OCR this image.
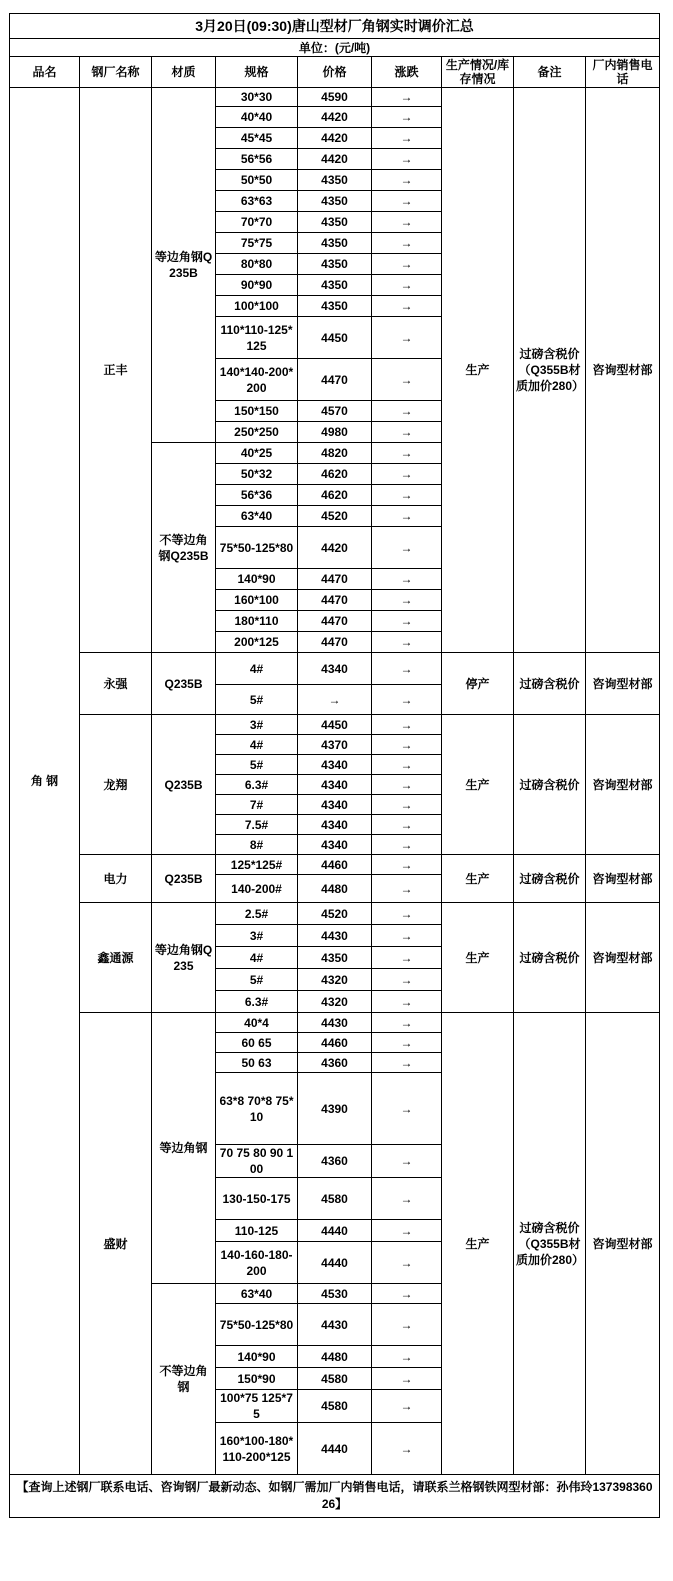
3月20日(09:30)唐山型材厂角钢实时调价汇总								
单位：(元/吨)								
品名	钢厂名称	材质	规格	价格	涨跌	生产情况/库存情况	备注	厂内销售电话
角 钢	正丰	等边角钢Q235B	30*30	4590	→	生产	过磅含税价（Q355B材质加价280）	咨询型材部
			40*40	4420	→			
			45*45	4420	→			
			56*56	4420	→			
			50*50	4350	→			
			63*63	4350	→			
			70*70	4350	→			
			75*75	4350	→			
			80*80	4350	→			
			90*90	4350	→			
			100*100	4350	→			
			110*110-125*125	4450	→			
			140*140-200*200	4470	→			
			150*150	4570	→			
			250*250	4980	→			
		不等边角钢Q235B	40*25	4820	→			
			50*32	4620	→			
			56*36	4620	→			
			63*40	4520	→			
			75*50-125*80	4420	→			
			140*90	4470	→			
			160*100	4470	→			
			180*110	4470	→			
			200*125	4470	→			
	永强	Q235B	4#	4340	→	停产	过磅含税价	咨询型材部
			5#	→	→			
	龙翔	Q235B	3#	4450	→	生产	过磅含税价	咨询型材部
			4#	4370	→			
			5#	4340	→			
			6.3#	4340	→			
			7#	4340	→			
			7.5#	4340	→			
			8#	4340	→			
	电力	Q235B	125*125#	4460	→	生产	过磅含税价	咨询型材部
			140-200#	4480	→			
	鑫通源	等边角钢Q235	2.5#	4520	→	生产	过磅含税价	咨询型材部
			3#	4430	→			
			4#	4350	→			
			5#	4320	→			
			6.3#	4320	→			
	盛财	等边角钢	40*4	4430	→	生产	过磅含税价（Q355B材质加价280）	咨询型材部
			60 65	4460	→			
			50 63	4360	→			
			63*8 70*8 75*10	4390	→			
			70 75 80 90 100	4360	→			
			130-150-175	4580	→			
			110-125	4440	→			
			140-160-180-200	4440	→			
		不等边角钢	63*40	4530	→			
			75*50-125*80	4430	→			
			140*90	4480	→			
			150*90	4580	→			
			100*75 125*75	4580	→			
			160*100-180*110-200*125	4440	→			
【查询上述钢厂联系电话、咨询钢厂最新动态、如钢厂需加厂内销售电话，请联系兰格钢铁网型材部：孙伟玲13739836026】								
